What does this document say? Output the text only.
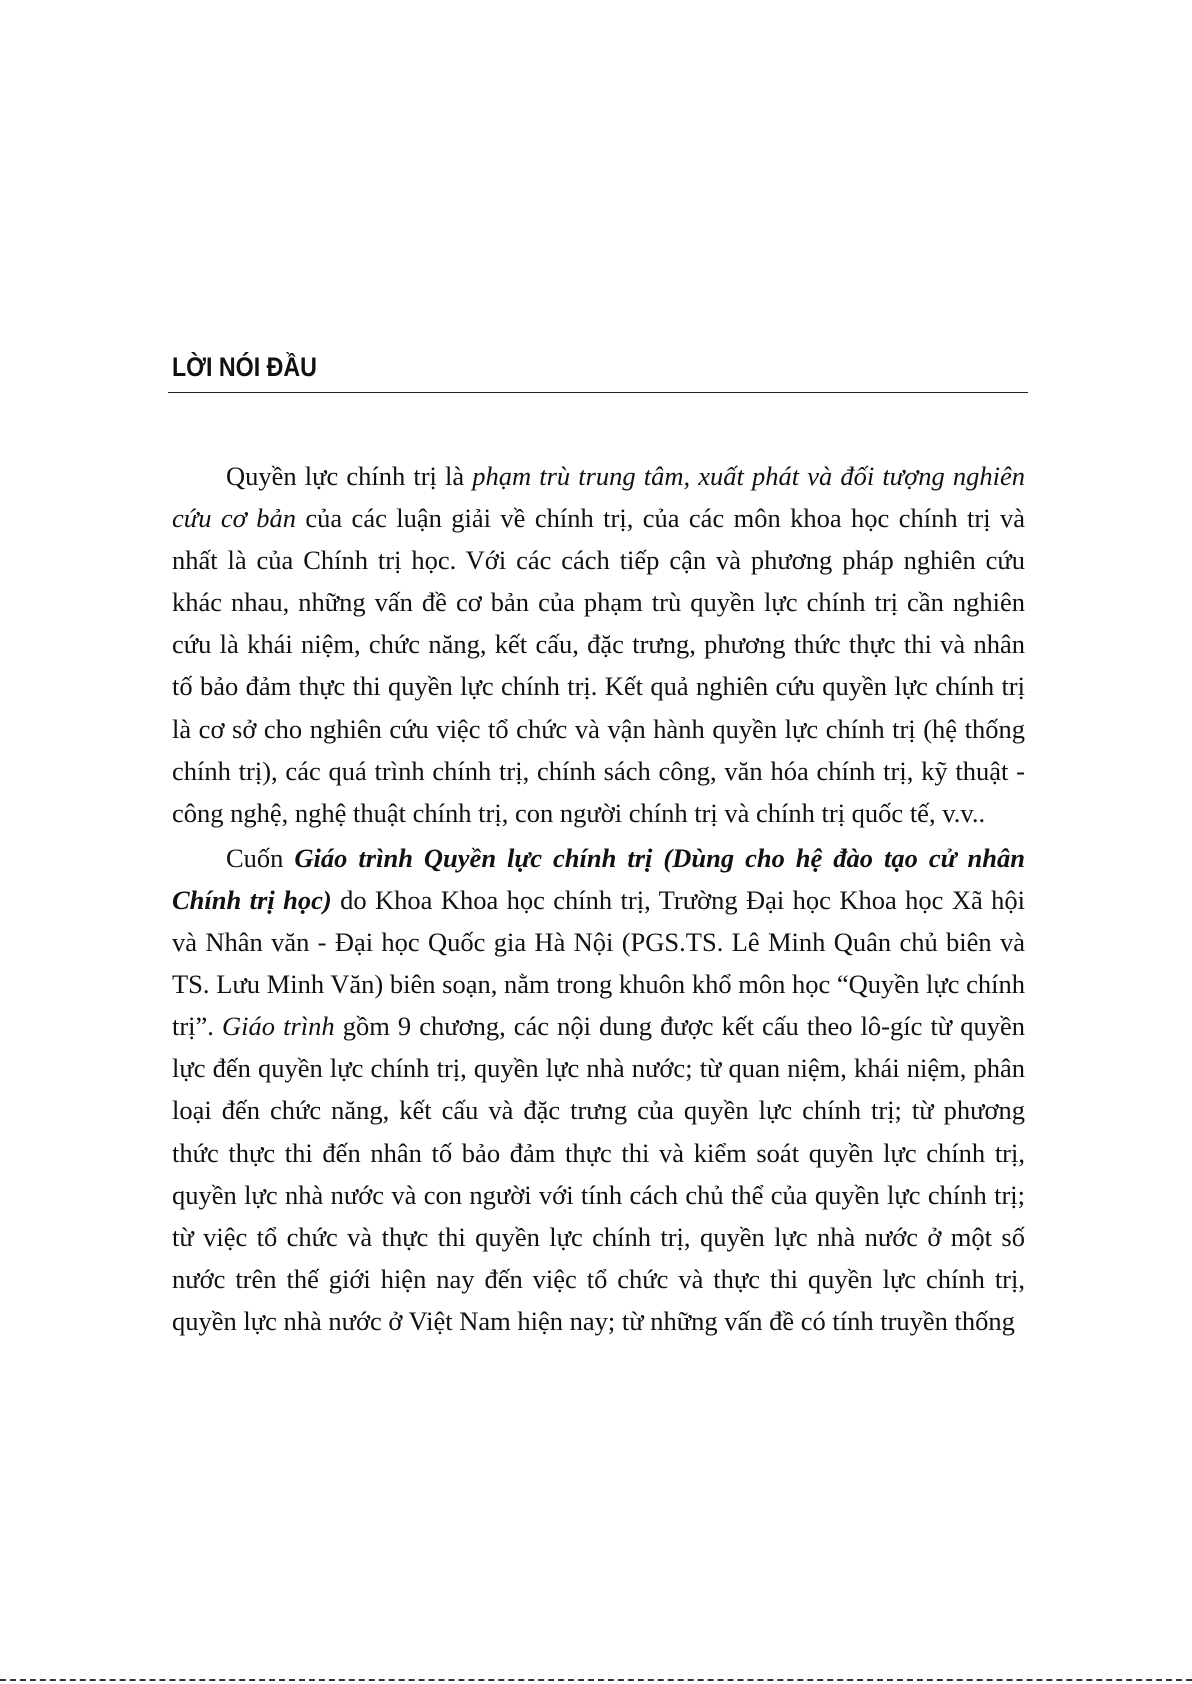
LỜI NÓI ĐẦU

Quyền lực chính trị là phạm trù trung tâm, xuất phát và đối tượng nghiên cứu cơ bản của các luận giải về chính trị, của các môn khoa học chính trị và nhất là của Chính trị học. Với các cách tiếp cận và phương pháp nghiên cứu khác nhau, những vấn đề cơ bản của phạm trù quyền lực chính trị cần nghiên cứu là khái niệm, chức năng, kết cấu, đặc trưng, phương thức thực thi và nhân tố bảo đảm thực thi quyền lực chính trị. Kết quả nghiên cứu quyền lực chính trị là cơ sở cho nghiên cứu việc tổ chức và vận hành quyền lực chính trị (hệ thống chính trị), các quá trình chính trị, chính sách công, văn hóa chính trị, kỹ thuật - công nghệ, nghệ thuật chính trị, con người chính trị và chính trị quốc tế, v.v..

Cuốn Giáo trình Quyền lực chính trị (Dùng cho hệ đào tạo cử nhân Chính trị học) do Khoa Khoa học chính trị, Trường Đại học Khoa học Xã hội và Nhân văn - Đại học Quốc gia Hà Nội (PGS.TS. Lê Minh Quân chủ biên và TS. Lưu Minh Văn) biên soạn, nằm trong khuôn khổ môn học “Quyền lực chính trị”. Giáo trình gồm 9 chương, các nội dung được kết cấu theo lô-gíc từ quyền lực đến quyền lực chính trị, quyền lực nhà nước; từ quan niệm, khái niệm, phân loại đến chức năng, kết cấu và đặc trưng của quyền lực chính trị; từ phương thức thực thi đến nhân tố bảo đảm thực thi và kiểm soát quyền lực chính trị, quyền lực nhà nước và con người với tính cách chủ thể của quyền lực chính trị; từ việc tổ chức và thực thi quyền lực chính trị, quyền lực nhà nước ở một số nước trên thế giới hiện nay đến việc tổ chức và thực thi quyền lực chính trị, quyền lực nhà nước ở Việt Nam hiện nay; từ những vấn đề có tính truyền thống
